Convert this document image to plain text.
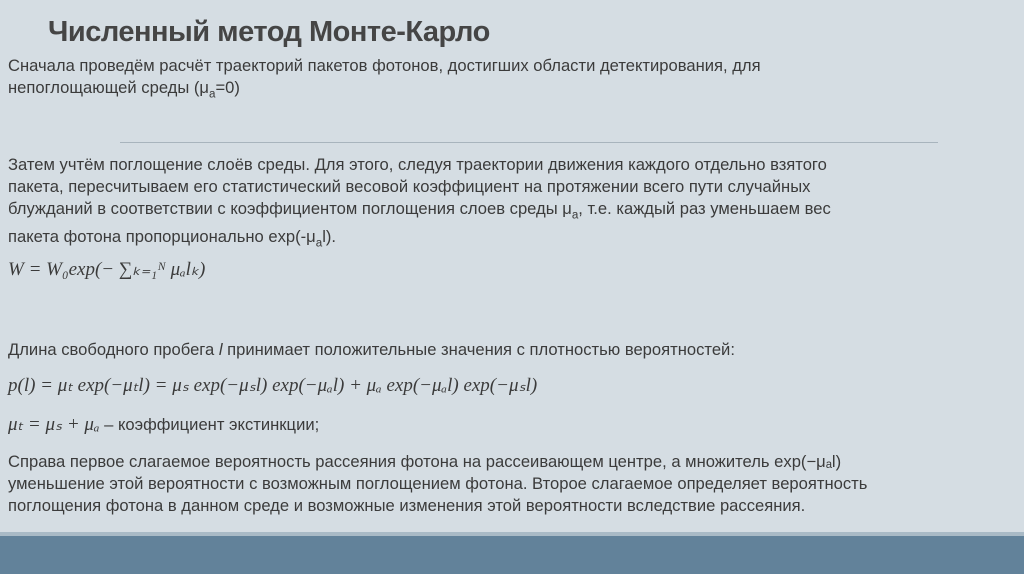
Численный метод Монте-Карло
Сначала проведём расчёт траекторий пакетов фотонов, достигших области детектирования, для
непоглощающей среды $(\mu_a=0)$
Затем учтём поглощение слоёв среды. Для этого, следуя траектории движения каждого отдельно взятого
пакета, пересчитываем его статистический весовой коэффициент на протяжении всего пути случайных
блужданий в соответствии с коэффициентом поглощения слоев среды $\mu_a$, т.е. каждый раз уменьшаем вес
пакета фотона пропорционально $\exp(-\mu_al)$.
W = W₀exp(− ∑ₖ₌₁ᴺ μₐlₖ)
Длина свободного пробега l принимает положительные значения с плотностью вероятностей:
p(l) = μₜ exp(−μₜl) = μₛ exp(−μₛl) exp(−μₐl) + μₐ exp(−μₐl) exp(−μₛl)
μₜ = μₛ + μₐ – коэффициент экстинкции;
Справа первое слагаемое вероятность рассеяния фотона на рассеивающем центре, а множитель exp(−μₐl)
уменьшение этой вероятности с возможным поглощением фотона. Второе слагаемое определяет вероятность
поглощения фотона в данном среде и возможные изменения этой вероятности вследствие рассеяния.
